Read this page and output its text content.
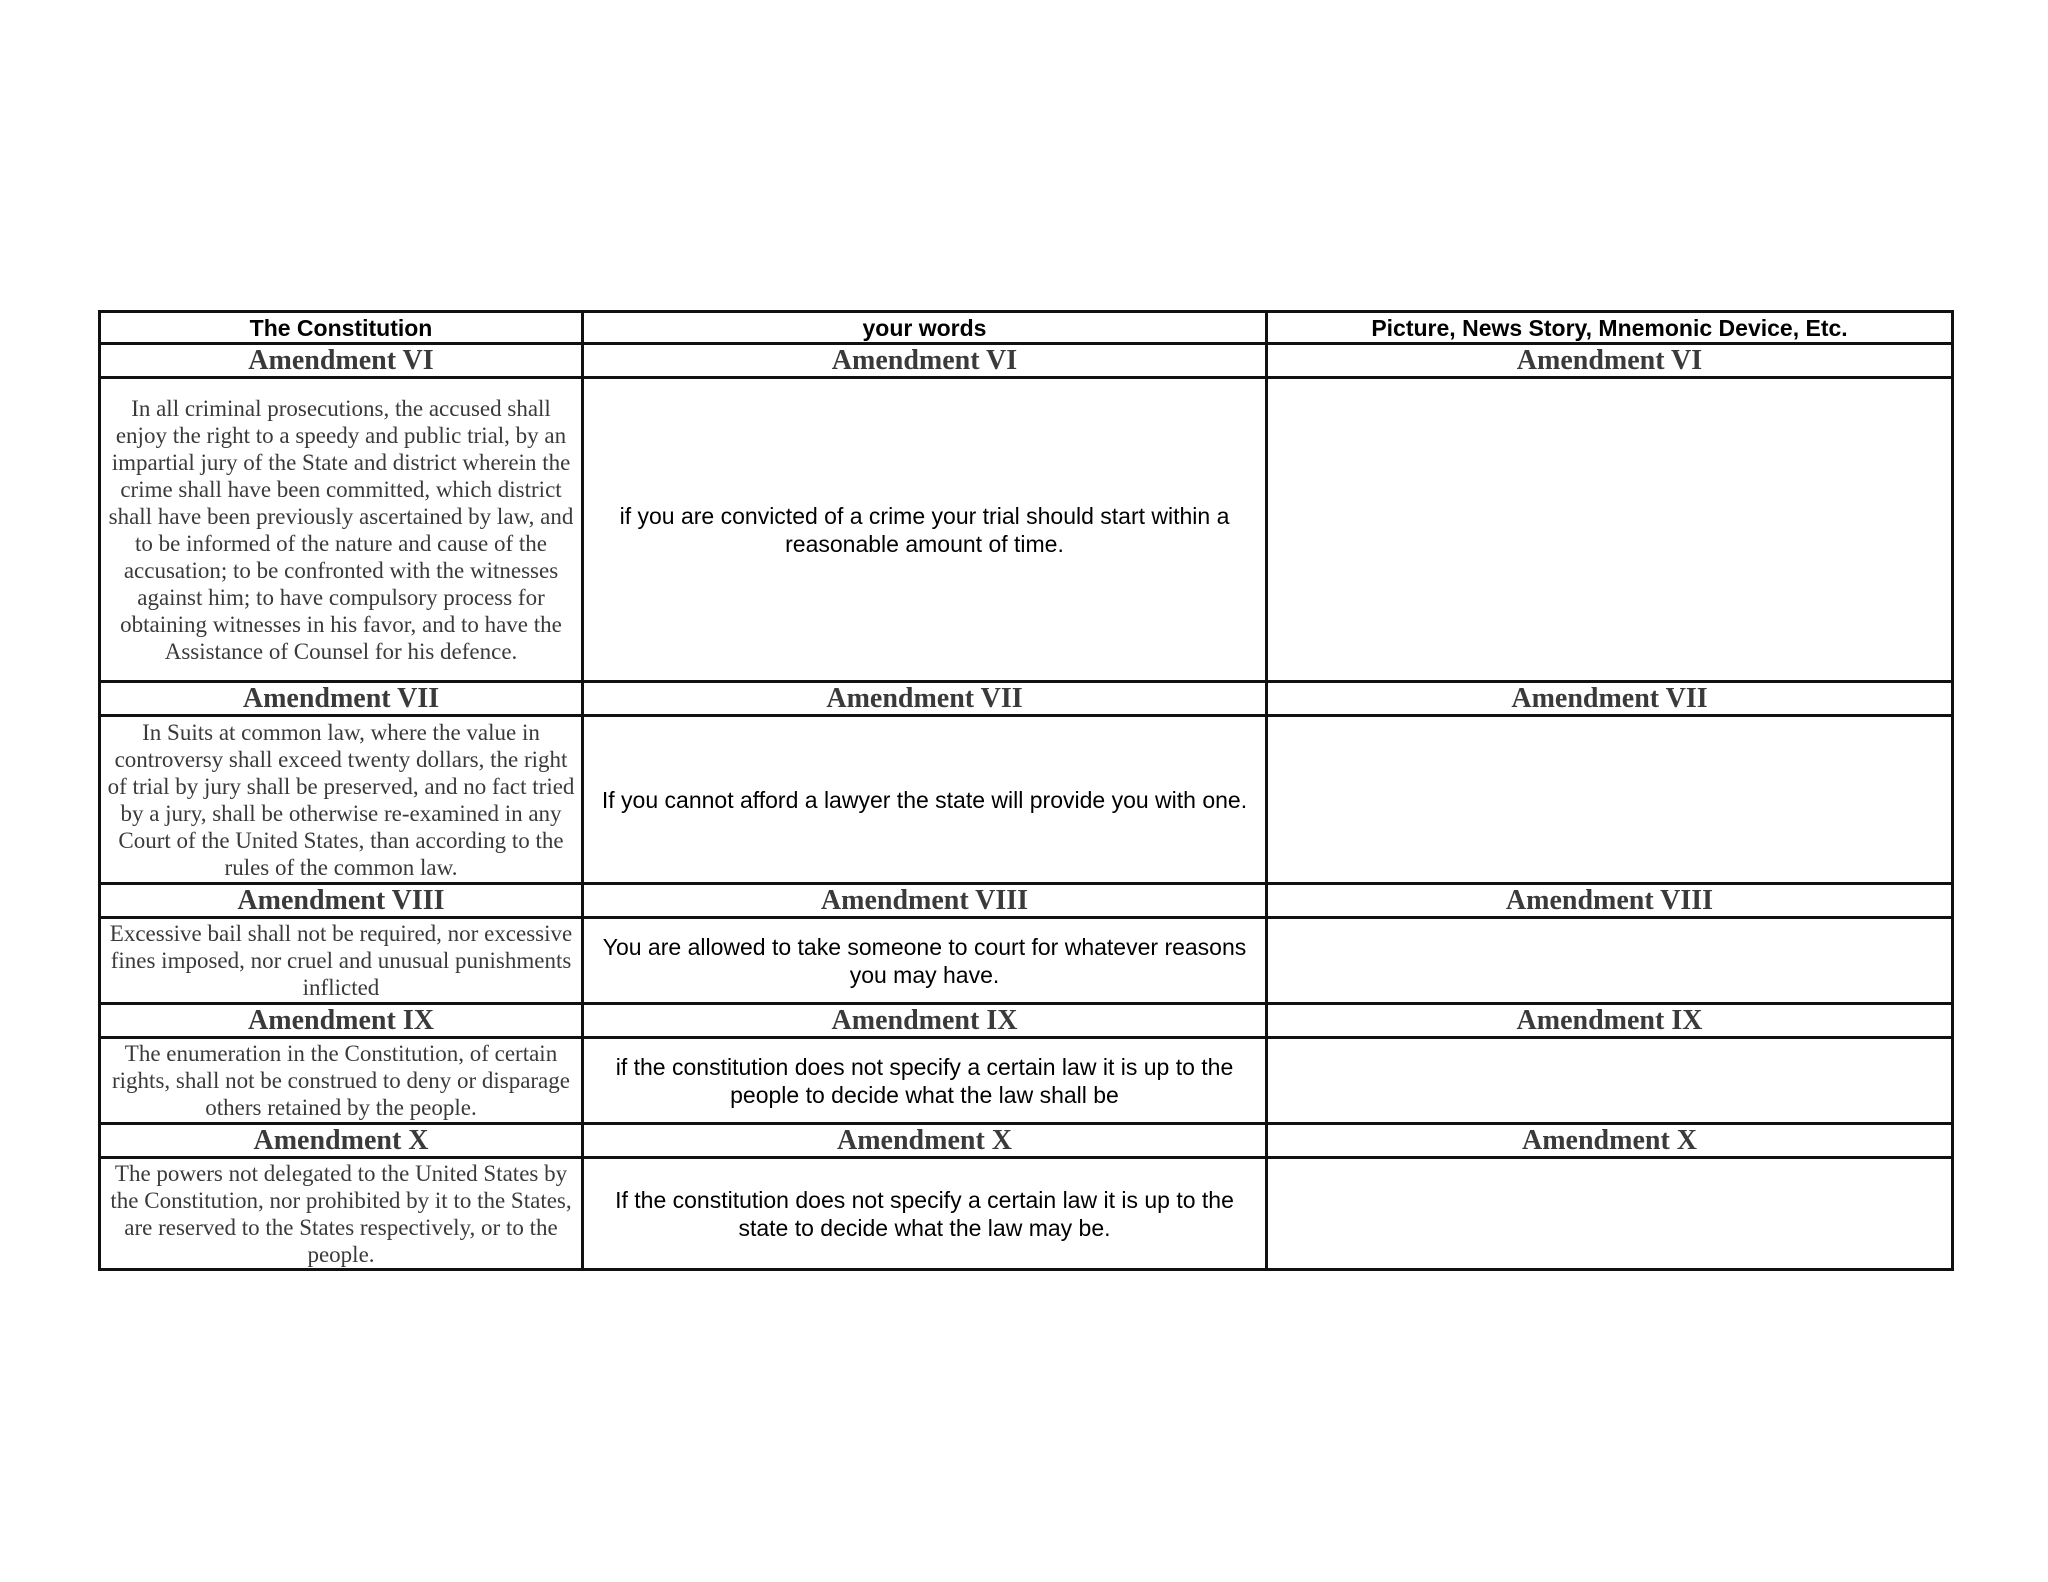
The Constitution	your words	Picture, News Story, Mnemonic Device, Etc.
Amendment VI	Amendment VI	Amendment VI
In all criminal prosecutions, the accused shall enjoy the right to a speedy and public trial, by an impartial jury of the State and district wherein the crime shall have been committed, which district shall have been previously ascertained by law, and to be informed of the nature and cause of the accusation; to be confronted with the witnesses against him; to have compulsory process for obtaining witnesses in his favor, and to have the Assistance of Counsel for his defence.	if you are convicted of a crime your trial should start within a reasonable amount of time.	
Amendment VII	Amendment VII	Amendment VII
In Suits at common law, where the value in controversy shall exceed twenty dollars, the right of trial by jury shall be preserved, and no fact tried by a jury, shall be otherwise re-examined in any Court of the United States, than according to the rules of the common law.	If you cannot afford a lawyer the state will provide you with one.	
Amendment VIII	Amendment VIII	Amendment VIII
Excessive bail shall not be required, nor excessive fines imposed, nor cruel and unusual punishments inflicted	You are allowed to take someone to court for whatever reasons you may have.	
Amendment IX	Amendment IX	Amendment IX
The enumeration in the Constitution, of certain rights, shall not be construed to deny or disparage others retained by the people.	if the constitution does not specify a certain law it is up to the people to decide what the law shall be	
Amendment X	Amendment X	Amendment X
The powers not delegated to the United States by the Constitution, nor prohibited by it to the States, are reserved to the States respectively, or to the people.	If the constitution does not specify a certain law it is up to the state to decide what the law may be.	
